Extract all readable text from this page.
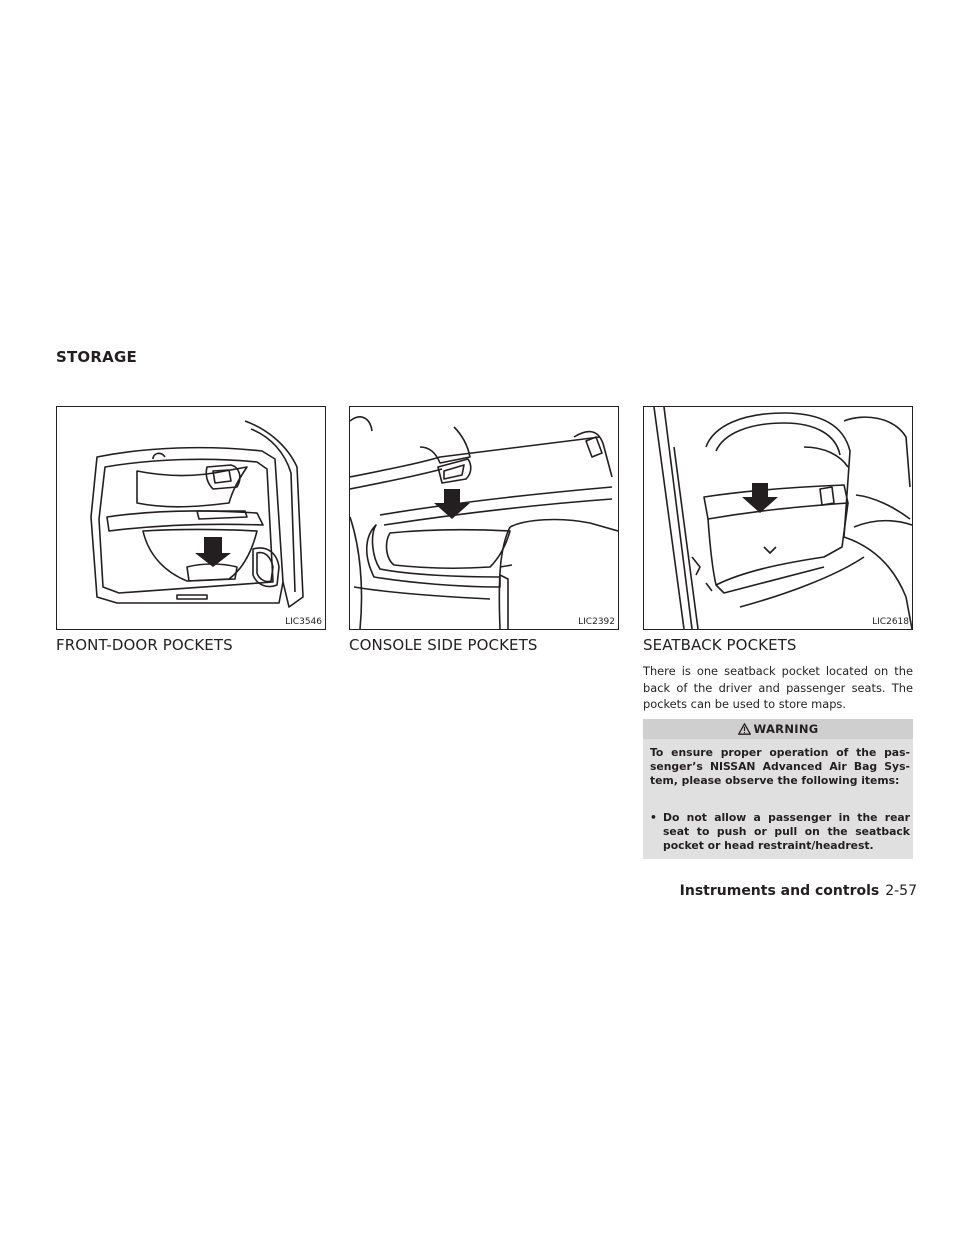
STORAGE
LIC3546	LIC2392	LIC2618
FRONT-DOOR POCKETS	CONSOLE SIDE POCKETS	SEATBACK POCKETS

There is one seatback pocket located on the back of the driver and passenger seats. The pockets can be used to store maps.

WARNING

To ensure proper operation of the pas-senger’s NISSAN Advanced Air Bag Sys-tem, please observe the following items:

• Do not allow a passenger in the rear seat to push or pull on the seatback pocket or head restraint/headrest.
Instruments and controls 2-57
